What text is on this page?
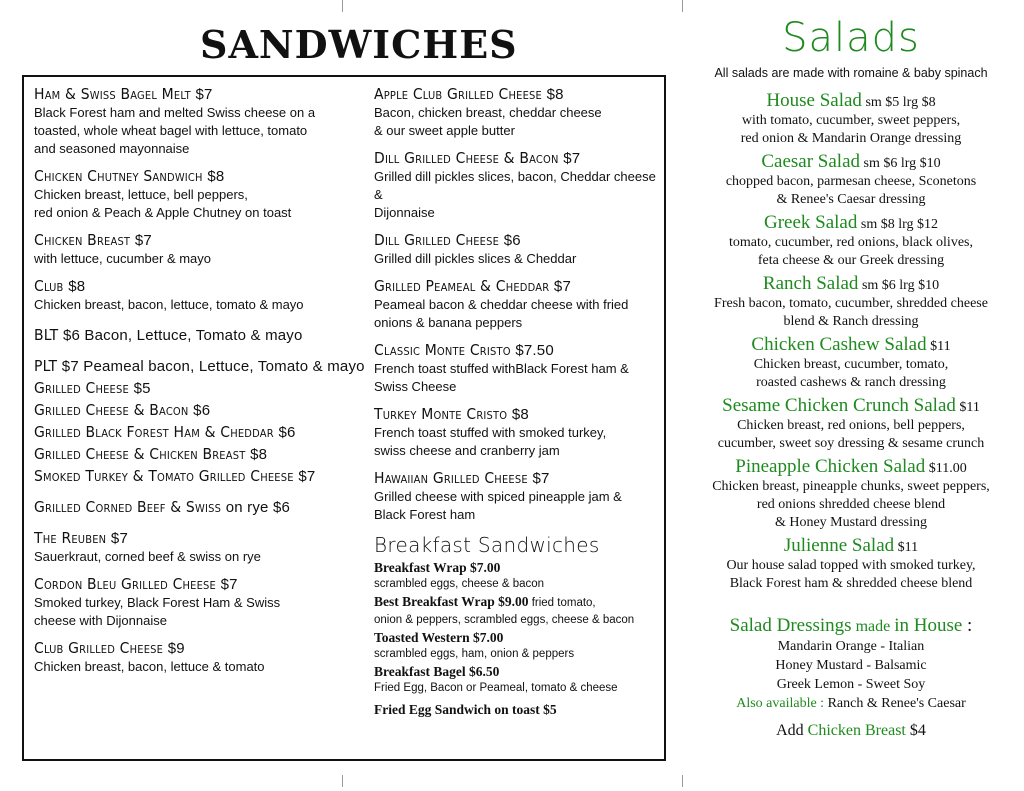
SANDWICHES
Ham & Swiss Bagel Melt $7
Black Forest ham and melted Swiss cheese on a
toasted, whole wheat bagel with lettuce, tomato
and seasoned mayonnaise
Chicken Chutney Sandwich $8
Chicken breast, lettuce, bell peppers,
red onion & Peach & Apple Chutney on toast
Chicken Breast $7
with lettuce, cucumber & mayo
Club $8
Chicken breast, bacon, lettuce, tomato & mayo
BLT $6 Bacon, Lettuce, Tomato & mayo
PLT $7 Peameal bacon, Lettuce, Tomato & mayo
Grilled Cheese $5
Grilled Cheese & Bacon $6
Grilled Black Forest Ham & Cheddar $6
Grilled Cheese & Chicken Breast $8
Smoked Turkey & Tomato Grilled Cheese $7
Grilled Corned Beef & Swiss on rye $6
The Reuben $7
Sauerkraut, corned beef & swiss on rye
Cordon Bleu Grilled Cheese $7
Smoked turkey, Black Forest Ham & Swiss
cheese with Dijonnaise
Club Grilled Cheese $9
Chicken breast, bacon, lettuce & tomato
Apple Club Grilled Cheese $8
Bacon, chicken breast, cheddar cheese
& our sweet apple butter
Dill Grilled Cheese & Bacon $7
Grilled dill pickles slices, bacon, Cheddar cheese &
Dijonnaise
Dill Grilled Cheese $6
Grilled dill pickles slices & Cheddar
Grilled Peameal & Cheddar $7
Peameal bacon & cheddar cheese with fried
onions & banana peppers
Classic Monte Cristo $7.50
French toast stuffed withBlack Forest ham &
Swiss Cheese
Turkey Monte Cristo $8
French toast stuffed with smoked turkey,
swiss cheese and cranberry jam
Hawaiian Grilled Cheese $7
Grilled cheese with spiced pineapple jam &
Black Forest ham
Breakfast Sandwiches
Breakfast Wrap $7.00
scrambled eggs, cheese & bacon
Best Breakfast Wrap $9.00 fried tomato,
onion & peppers, scrambled eggs, cheese & bacon
Toasted Western $7.00
scrambled eggs, ham, onion & peppers
Breakfast Bagel $6.50
Fried Egg, Bacon or Peameal, tomato & cheese
Fried Egg Sandwich on toast $5
Salads
All salads are made with romaine & baby spinach
House Salad sm $5 lrg $8
with tomato, cucumber, sweet peppers,
red onion & Mandarin Orange dressing
Caesar Salad sm $6 lrg $10
chopped bacon, parmesan cheese, Sconetons
& Renee's Caesar dressing
Greek Salad sm $8 lrg $12
tomato, cucumber, red onions, black olives,
feta cheese & our Greek dressing
Ranch Salad sm $6 lrg $10
Fresh bacon, tomato, cucumber, shredded cheese
blend & Ranch dressing
Chicken Cashew Salad $11
Chicken breast, cucumber, tomato,
roasted cashews & ranch dressing
Sesame Chicken Crunch Salad $11
Chicken breast, red onions, bell peppers,
cucumber, sweet soy dressing & sesame crunch
Pineapple Chicken Salad $11.00
Chicken breast, pineapple chunks, sweet peppers,
red onions shredded cheese blend
& Honey Mustard dressing
Julienne Salad $11
Our house salad topped with smoked turkey,
Black Forest ham & shredded cheese blend
Salad Dressings made in House :
Mandarin Orange - Italian
Honey Mustard - Balsamic
Greek Lemon - Sweet Soy
Also available : Ranch & Renee's Caesar
Add Chicken Breast $4
